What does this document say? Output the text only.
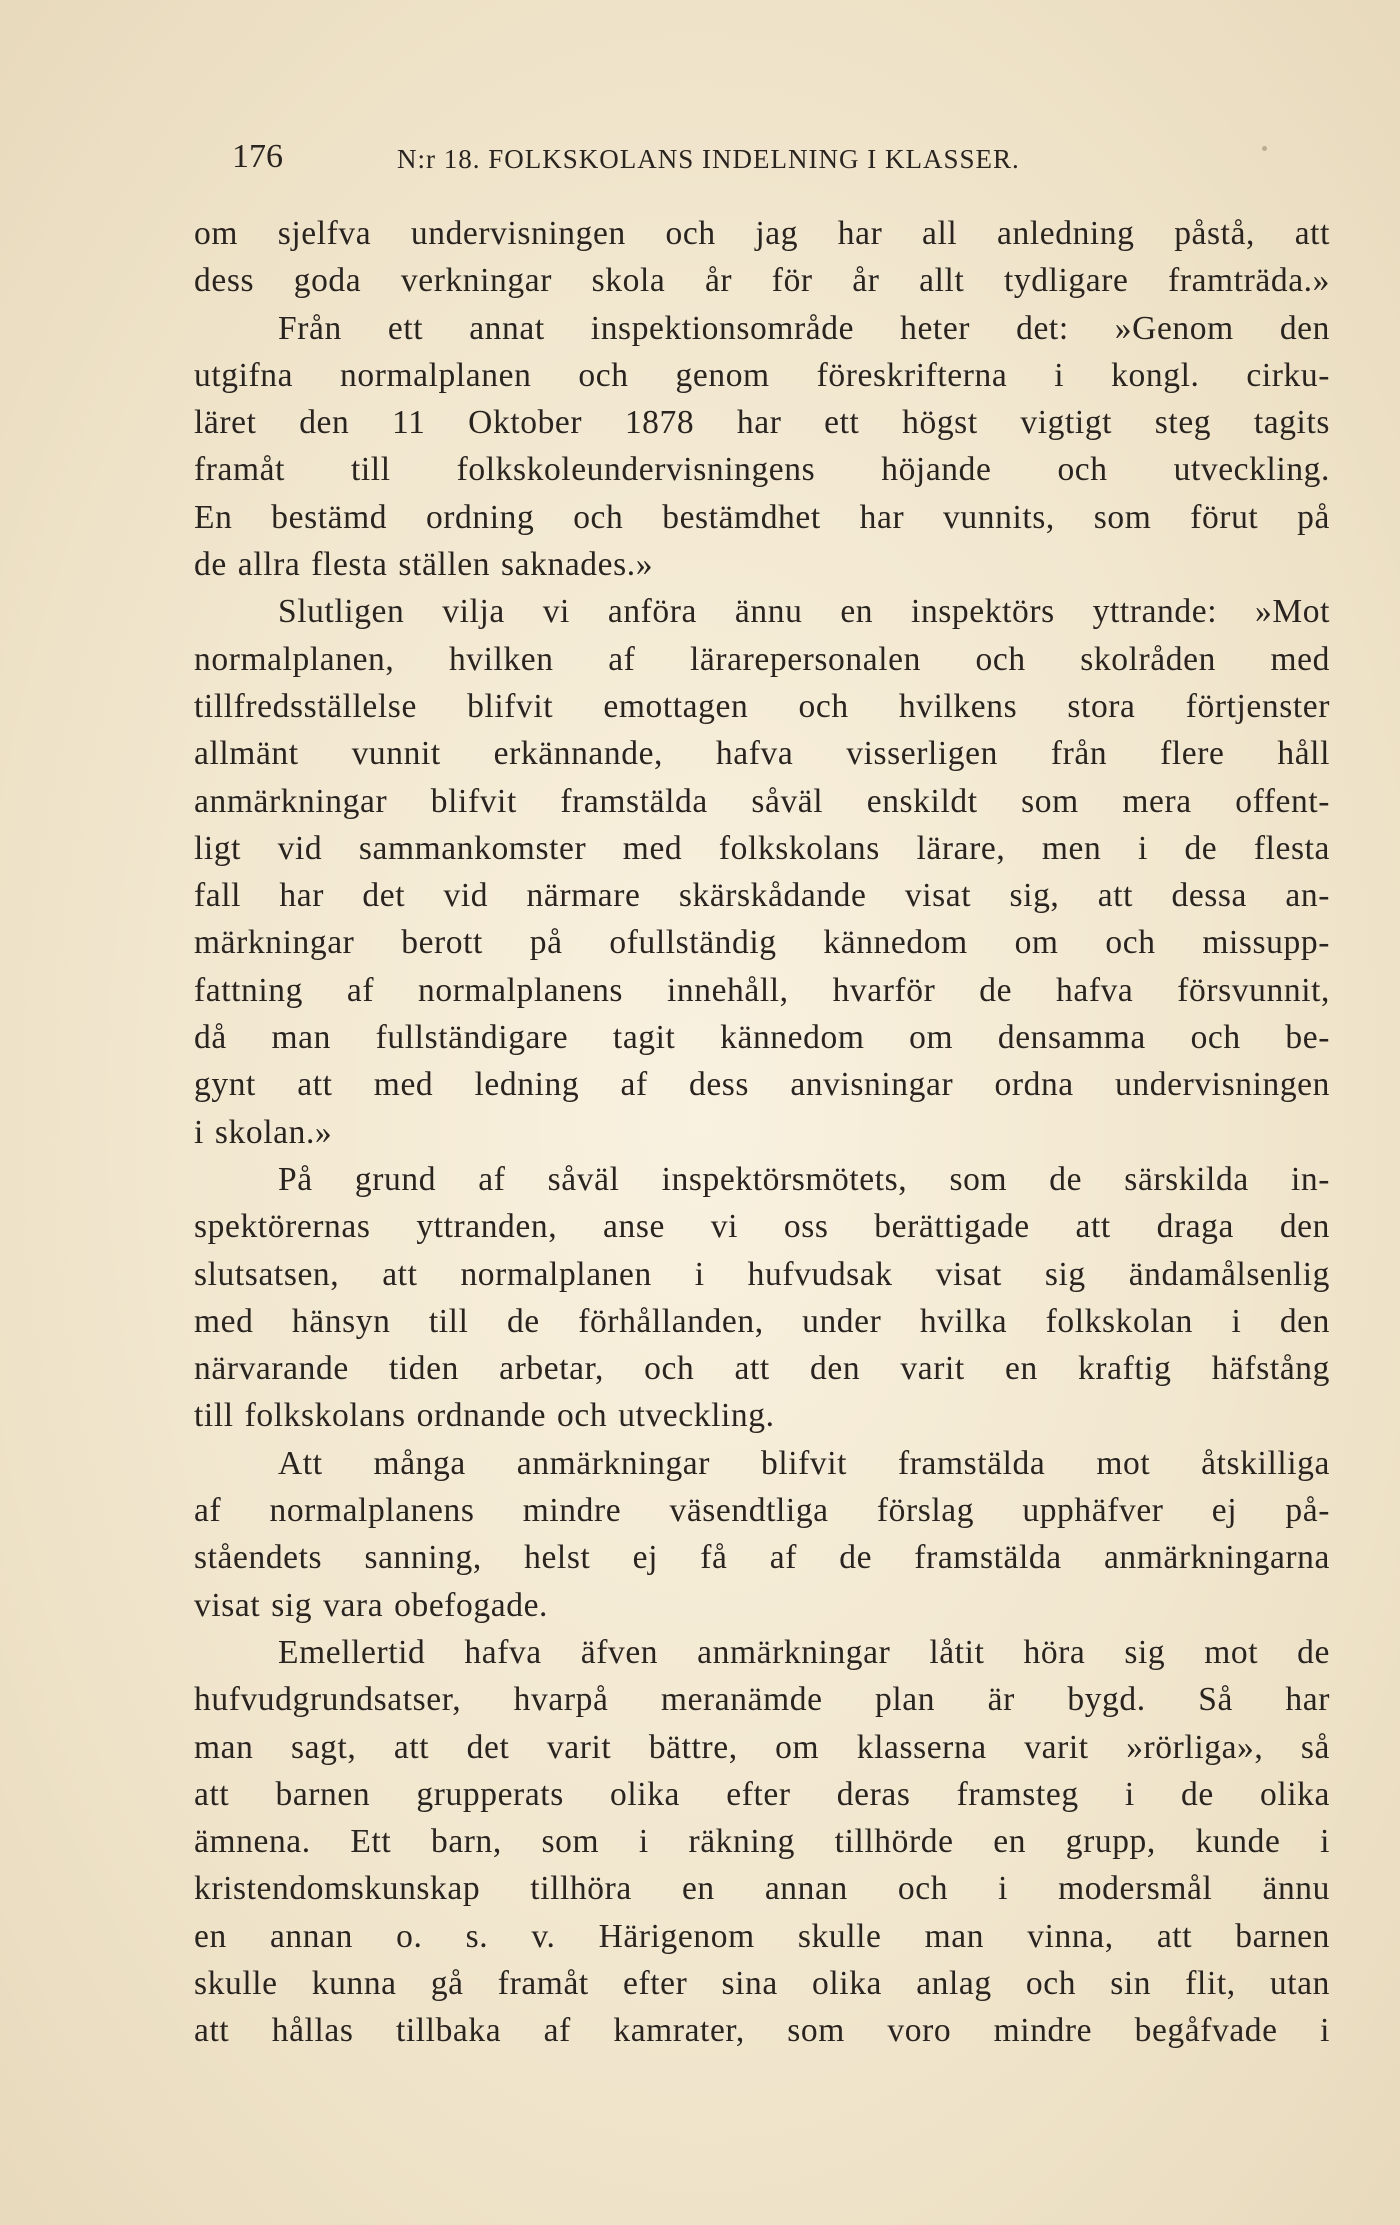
176	N:r 18. FOLKSKOLANS INDELNING I KLASSER.
om sjelfva undervisningen och jag har all anledning påstå, att
dess goda verkningar skola år för år allt tydligare framträda.»
Från ett annat inspektionsområde heter det: »Genom den
utgifna normalplanen och genom föreskrifterna i kongl. cirku-
läret den 11 Oktober 1878 har ett högst vigtigt steg tagits
framåt till folkskoleundervisningens höjande och utveckling.
En bestämd ordning och bestämdhet har vunnits, som förut på
de allra flesta ställen saknades.»
Slutligen vilja vi anföra ännu en inspektörs yttrande: »Mot
normalplanen, hvilken af lärarepersonalen och skolråden med
tillfredsställelse blifvit emottagen och hvilkens stora förtjenster
allmänt vunnit erkännande, hafva visserligen från flere håll
anmärkningar blifvit framstälda såväl enskildt som mera offent-
ligt vid sammankomster med folkskolans lärare, men i de flesta
fall har det vid närmare skärskådande visat sig, att dessa an-
märkningar berott på ofullständig kännedom om och missupp-
fattning af normalplanens innehåll, hvarför de hafva försvunnit,
då man fullständigare tagit kännedom om densamma och be-
gynt att med ledning af dess anvisningar ordna undervisningen
i skolan.»
På grund af såväl inspektörsmötets, som de särskilda in-
spektörernas yttranden, anse vi oss berättigade att draga den
slutsatsen, att normalplanen i hufvudsak visat sig ändamålsenlig
med hänsyn till de förhållanden, under hvilka folkskolan i den
närvarande tiden arbetar, och att den varit en kraftig häfstång
till folkskolans ordnande och utveckling.
Att många anmärkningar blifvit framstälda mot åtskilliga
af normalplanens mindre väsendtliga förslag upphäfver ej på-
ståendets sanning, helst ej få af de framstälda anmärkningarna
visat sig vara obefogade.
Emellertid hafva äfven anmärkningar låtit höra sig mot de
hufvudgrundsatser, hvarpå meranämde plan är bygd. Så har
man sagt, att det varit bättre, om klasserna varit »rörliga», så
att barnen grupperats olika efter deras framsteg i de olika
ämnena. Ett barn, som i räkning tillhörde en grupp, kunde i
kristendomskunskap tillhöra en annan och i modersmål ännu
en annan o. s. v. Härigenom skulle man vinna, att barnen
skulle kunna gå framåt efter sina olika anlag och sin flit, utan
att hållas tillbaka af kamrater, som voro mindre begåfvade i
